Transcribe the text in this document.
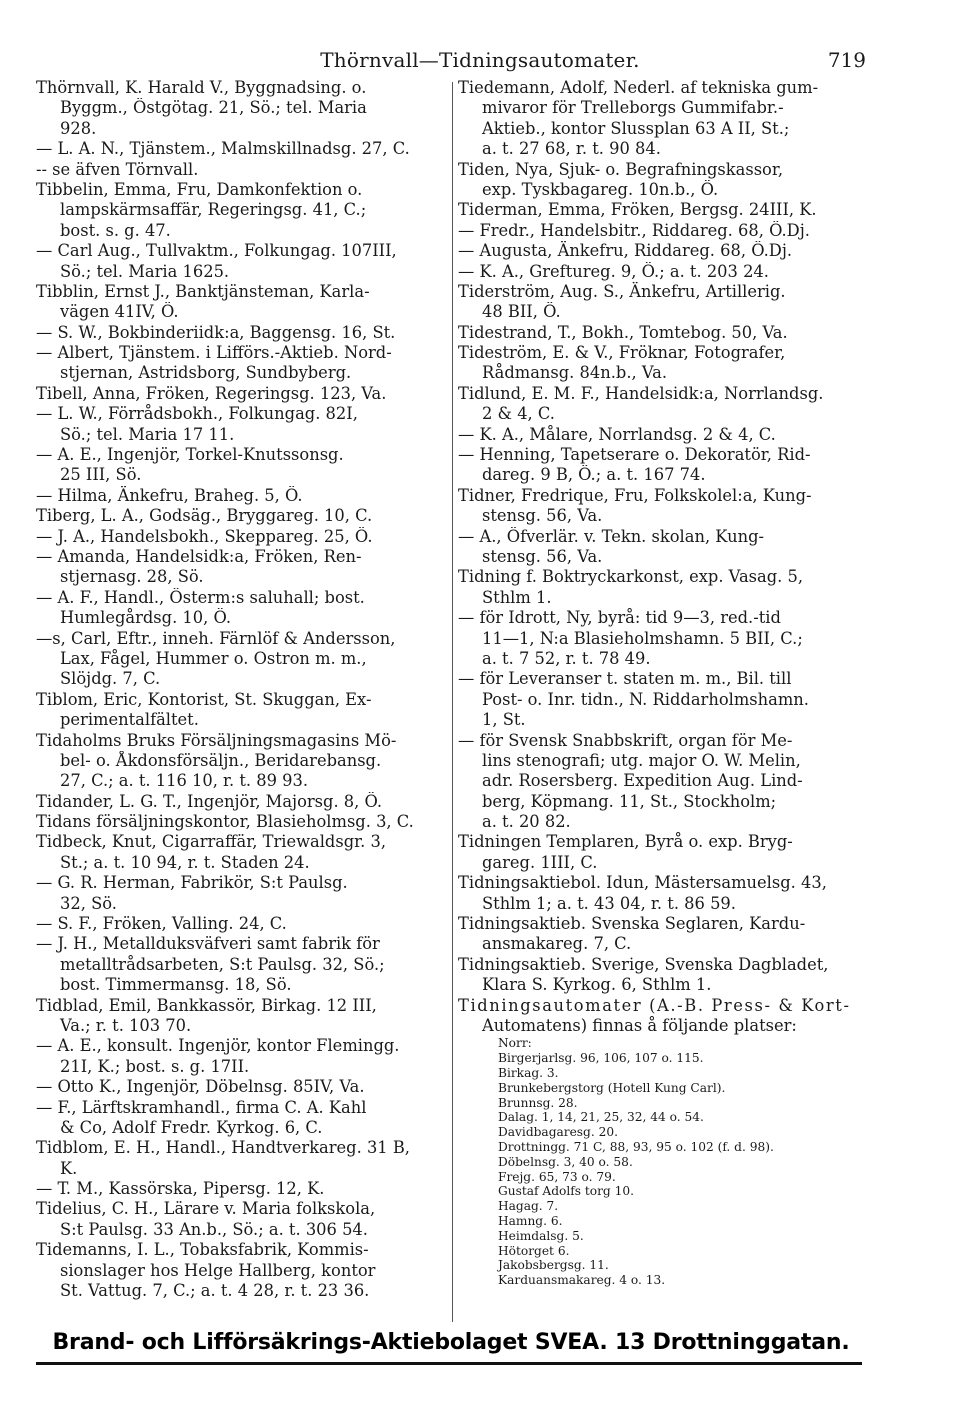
Thörnvall—Tidningsautomater.	719
Thörnvall, K. Harald V., Byggnadsing. o.
Byggm., Östgötag. 21, Sö.; tel. Maria
928.
— L. A. N., Tjänstem., Malmskillnadsg. 27, C.
-- se äfven Törnvall.
Tibbelin, Emma, Fru, Damkonfektion o.
lampskärmsaffär, Regeringsg. 41, C.;
bost. s. g. 47.
— Carl Aug., Tullvaktm., Folkungag. 107III,
Sö.; tel. Maria 1625.
Tibblin, Ernst J., Banktjänsteman, Karla-
vägen 41IV, Ö.
— S. W., Bokbinderiidk:a, Baggensg. 16, St.
— Albert, Tjänstem. i Lifförs.-Aktieb. Nord-
stjernan, Astridsborg, Sundbyberg.
Tibell, Anna, Fröken, Regeringsg. 123, Va.
— L. W., Förrådsbokh., Folkungag. 82I,
Sö.; tel. Maria 17 11.
— A. E., Ingenjör, Torkel-Knutssonsg.
25 III, Sö.
— Hilma, Änkefru, Braheg. 5, Ö.
Tiberg, L. A., Godsäg., Bryggareg. 10, C.
— J. A., Handelsbokh., Skeppareg. 25, Ö.
— Amanda, Handelsidk:a, Fröken, Ren-
stjernasg. 28, Sö.
— A. F., Handl., Österm:s saluhall; bost.
Humlegårdsg. 10, Ö.
—s, Carl, Eftr., inneh. Färnlöf & Andersson,
Lax, Fågel, Hummer o. Ostron m. m.,
Slöjdg. 7, C.
Tiblom, Eric, Kontorist, St. Skuggan, Ex-
perimentalfältet.
Tidaholms Bruks Försäljningsmagasins Mö-
bel- o. Åkdonsförsäljn., Beridarebansg.
27, C.; a. t. 116 10, r. t. 89 93.
Tidander, L. G. T., Ingenjör, Majorsg. 8, Ö.
Tidans försäljningskontor, Blasieholmsg. 3, C.
Tidbeck, Knut, Cigarraffär, Triewaldsgr. 3,
St.; a. t. 10 94, r. t. Staden 24.
— G. R. Herman, Fabrikör, S:t Paulsg.
32, Sö.
— S. F., Fröken, Valling. 24, C.
— J. H., Metallduksväfveri samt fabrik för
metalltrådsarbeten, S:t Paulsg. 32, Sö.;
bost. Timmermansg. 18, Sö.
Tidblad, Emil, Bankkassör, Birkag. 12 III,
Va.; r. t. 103 70.
— A. E., konsult. Ingenjör, kontor Flemingg.
21I, K.; bost. s. g. 17II.
— Otto K., Ingenjör, Döbelnsg. 85IV, Va.
— F., Lärftskramhandl., firma C. A. Kahl
& Co, Adolf Fredr. Kyrkog. 6, C.
Tidblom, E. H., Handl., Handtverkareg. 31 B,
K.
— T. M., Kassörska, Pipersg. 12, K.
Tidelius, C. H., Lärare v. Maria folkskola,
S:t Paulsg. 33 An.b., Sö.; a. t. 306 54.
Tidemanns, I. L., Tobaksfabrik, Kommis-
sionslager hos Helge Hallberg, kontor
St. Vattug. 7, C.; a. t. 4 28, r. t. 23 36.
Tiedemann, Adolf, Nederl. af tekniska gum-
mivaror för Trelleborgs Gummifabr.-
Aktieb., kontor Slussplan 63 A II, St.;
a. t. 27 68, r. t. 90 84.
Tiden, Nya, Sjuk- o. Begrafningskassor,
exp. Tyskbagareg. 10n.b., Ö.
Tiderman, Emma, Fröken, Bergsg. 24III, K.
— Fredr., Handelsbitr., Riddareg. 68, Ö.Dj.
— Augusta, Änkefru, Riddareg. 68, Ö.Dj.
— K. A., Greftureg. 9, Ö.; a. t. 203 24.
Tiderström, Aug. S., Änkefru, Artillerig.
48 BII, Ö.
Tidestrand, T., Bokh., Tomtebog. 50, Va.
Tideström, E. & V., Fröknar, Fotografer,
Rådmansg. 84n.b., Va.
Tidlund, E. M. F., Handelsidk:a, Norrlandsg.
2 & 4, C.
— K. A., Målare, Norrlandsg. 2 & 4, C.
— Henning, Tapetserare o. Dekoratör, Rid-
dareg. 9 B, Ö.; a. t. 167 74.
Tidner, Fredrique, Fru, Folkskolel:a, Kung-
stensg. 56, Va.
— A., Öfverlär. v. Tekn. skolan, Kung-
stensg. 56, Va.
Tidning f. Boktryckarkonst, exp. Vasag. 5,
Sthlm 1.
— för Idrott, Ny, byrå: tid 9—3, red.-tid
11—1, N:a Blasieholmshamn. 5 BII, C.;
a. t. 7 52, r. t. 78 49.
— för Leveranser t. staten m. m., Bil. till
Post- o. Inr. tidn., N. Riddarholmshamn.
1, St.
— för Svensk Snabbskrift, organ för Me-
lins stenografi; utg. major O. W. Melin,
adr. Rosersberg. Expedition Aug. Lind-
berg, Köpmang. 11, St., Stockholm;
a. t. 20 82.
Tidningen Templaren, Byrå o. exp. Bryg-
gareg. 1III, C.
Tidningsaktiebol. Idun, Mästersamuelsg. 43,
Sthlm 1; a. t. 43 04, r. t. 86 59.
Tidningsaktieb. Svenska Seglaren, Kardu-
ansmakareg. 7, C.
Tidningsaktieb. Sverige, Svenska Dagbladet,
Klara S. Kyrkog. 6, Sthlm 1.
Tidningsautomater (A.-B. Press- & Kort-
Automatens) finnas å följande platser:
Norr:
Birgerjarlsg. 96, 106, 107 o. 115.
Birkag. 3.
Brunkebergstorg (Hotell Kung Carl).
Brunnsg. 28.
Dalag. 1, 14, 21, 25, 32, 44 o. 54.
Davidbagaresg. 20.
Drottningg. 71 C, 88, 93, 95 o. 102 (f. d. 98).
Döbelnsg. 3, 40 o. 58.
Frejg. 65, 73 o. 79.
Gustaf Adolfs torg 10.
Hagag. 7.
Hamng. 6.
Heimdalsg. 5.
Hötorget 6.
Jakobsbergsg. 11.
Karduansmakareg. 4 o. 13.
Brand- och Lifförsäkrings-Aktiebolaget SVEA. 13 Drottninggatan.
